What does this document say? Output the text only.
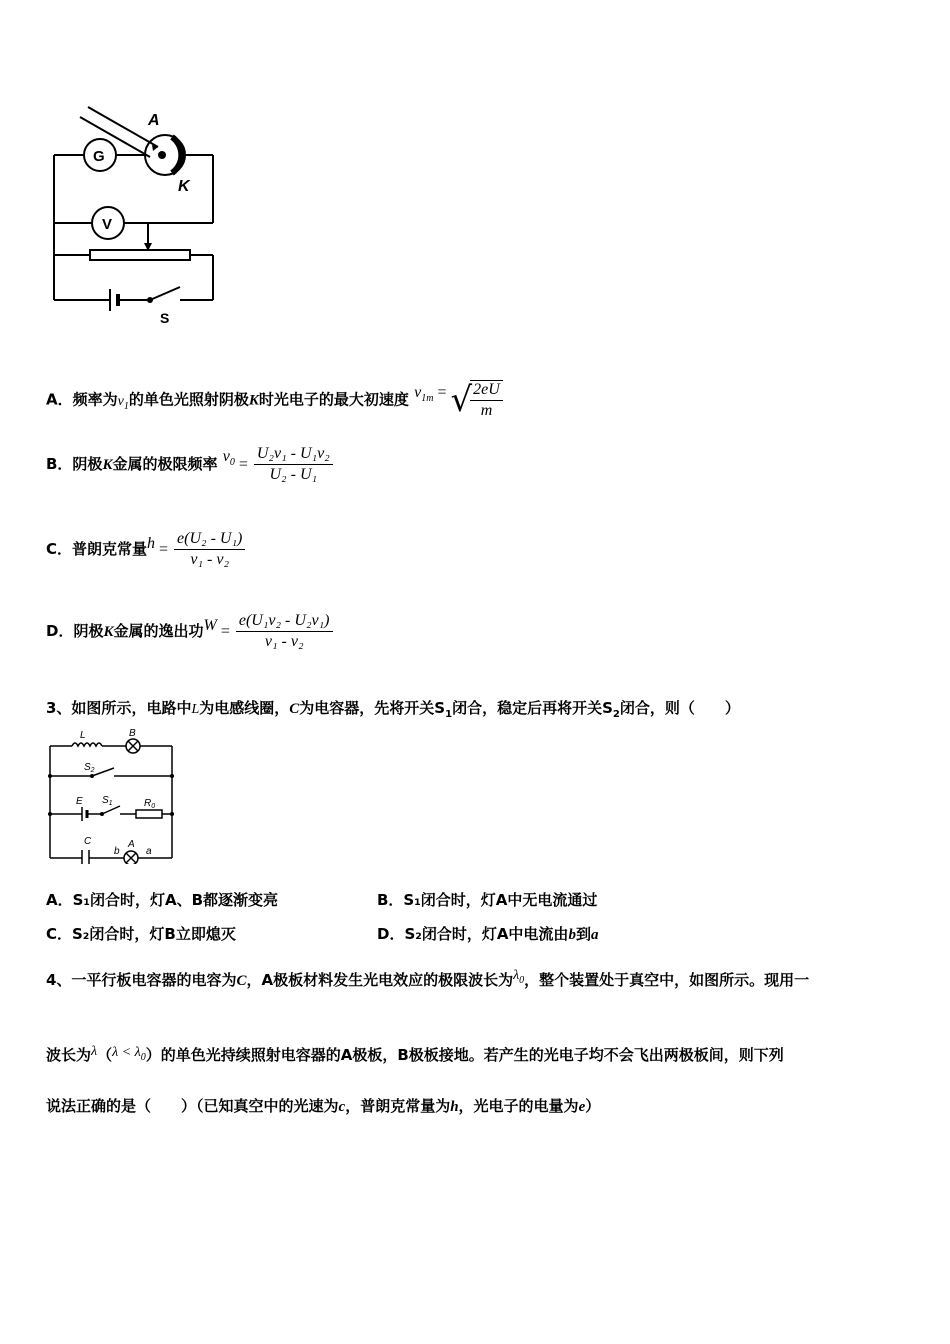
A
K
G
V
S
A．频率为$v_1$的单色光照射阴极K时光电子的最大初速度 $v_{1m}$ = √
$\frac{2eU}{m}$
B．阴极K金属的极限频率 $v_0 = \frac{\text{U₂v₁ - U₁v₂}}{\text{U₂ - U₁}}$
C．普朗克常量$h = \frac{\text{e(U₂ - U₁)}}{\text{v₁ - v₂}}$
D．阴极K金属的逸出功$W = \frac{\text{e(U₁v₂ - U₂v₁)}}{\text{v₁ - v₂}}$
3、如图所示，电路中L为电感线圈，C为电容器，先将开关$S_1$闭合，稳定后再将开关$S_2$闭合，则（　　）
L	B
$S_2$
E $S_1$	$R_0$
C
b
A
a
A．S₁闭合时，灯A、B都逐渐变亮	B．S₁闭合时，灯A中无电流通过
C．S₂闭合时，灯B立即熄灭	D．S₂闭合时，灯A中电流由b到a
4、一平行板电容器的电容为C，A极板材料发生光电效应的极限波长为$\lambda_0$，整个装置处于真空中，如图所示。现用一
波长为$\lambda(\lambda < \lambda_0)$的单色光持续照射电容器的A极板，B极板接地。若产生的光电子均不会飞出两极板间，则下列
说法正确的是（　　）（已知真空中的光速为c，普朗克常量为h，光电子的电量为e）
